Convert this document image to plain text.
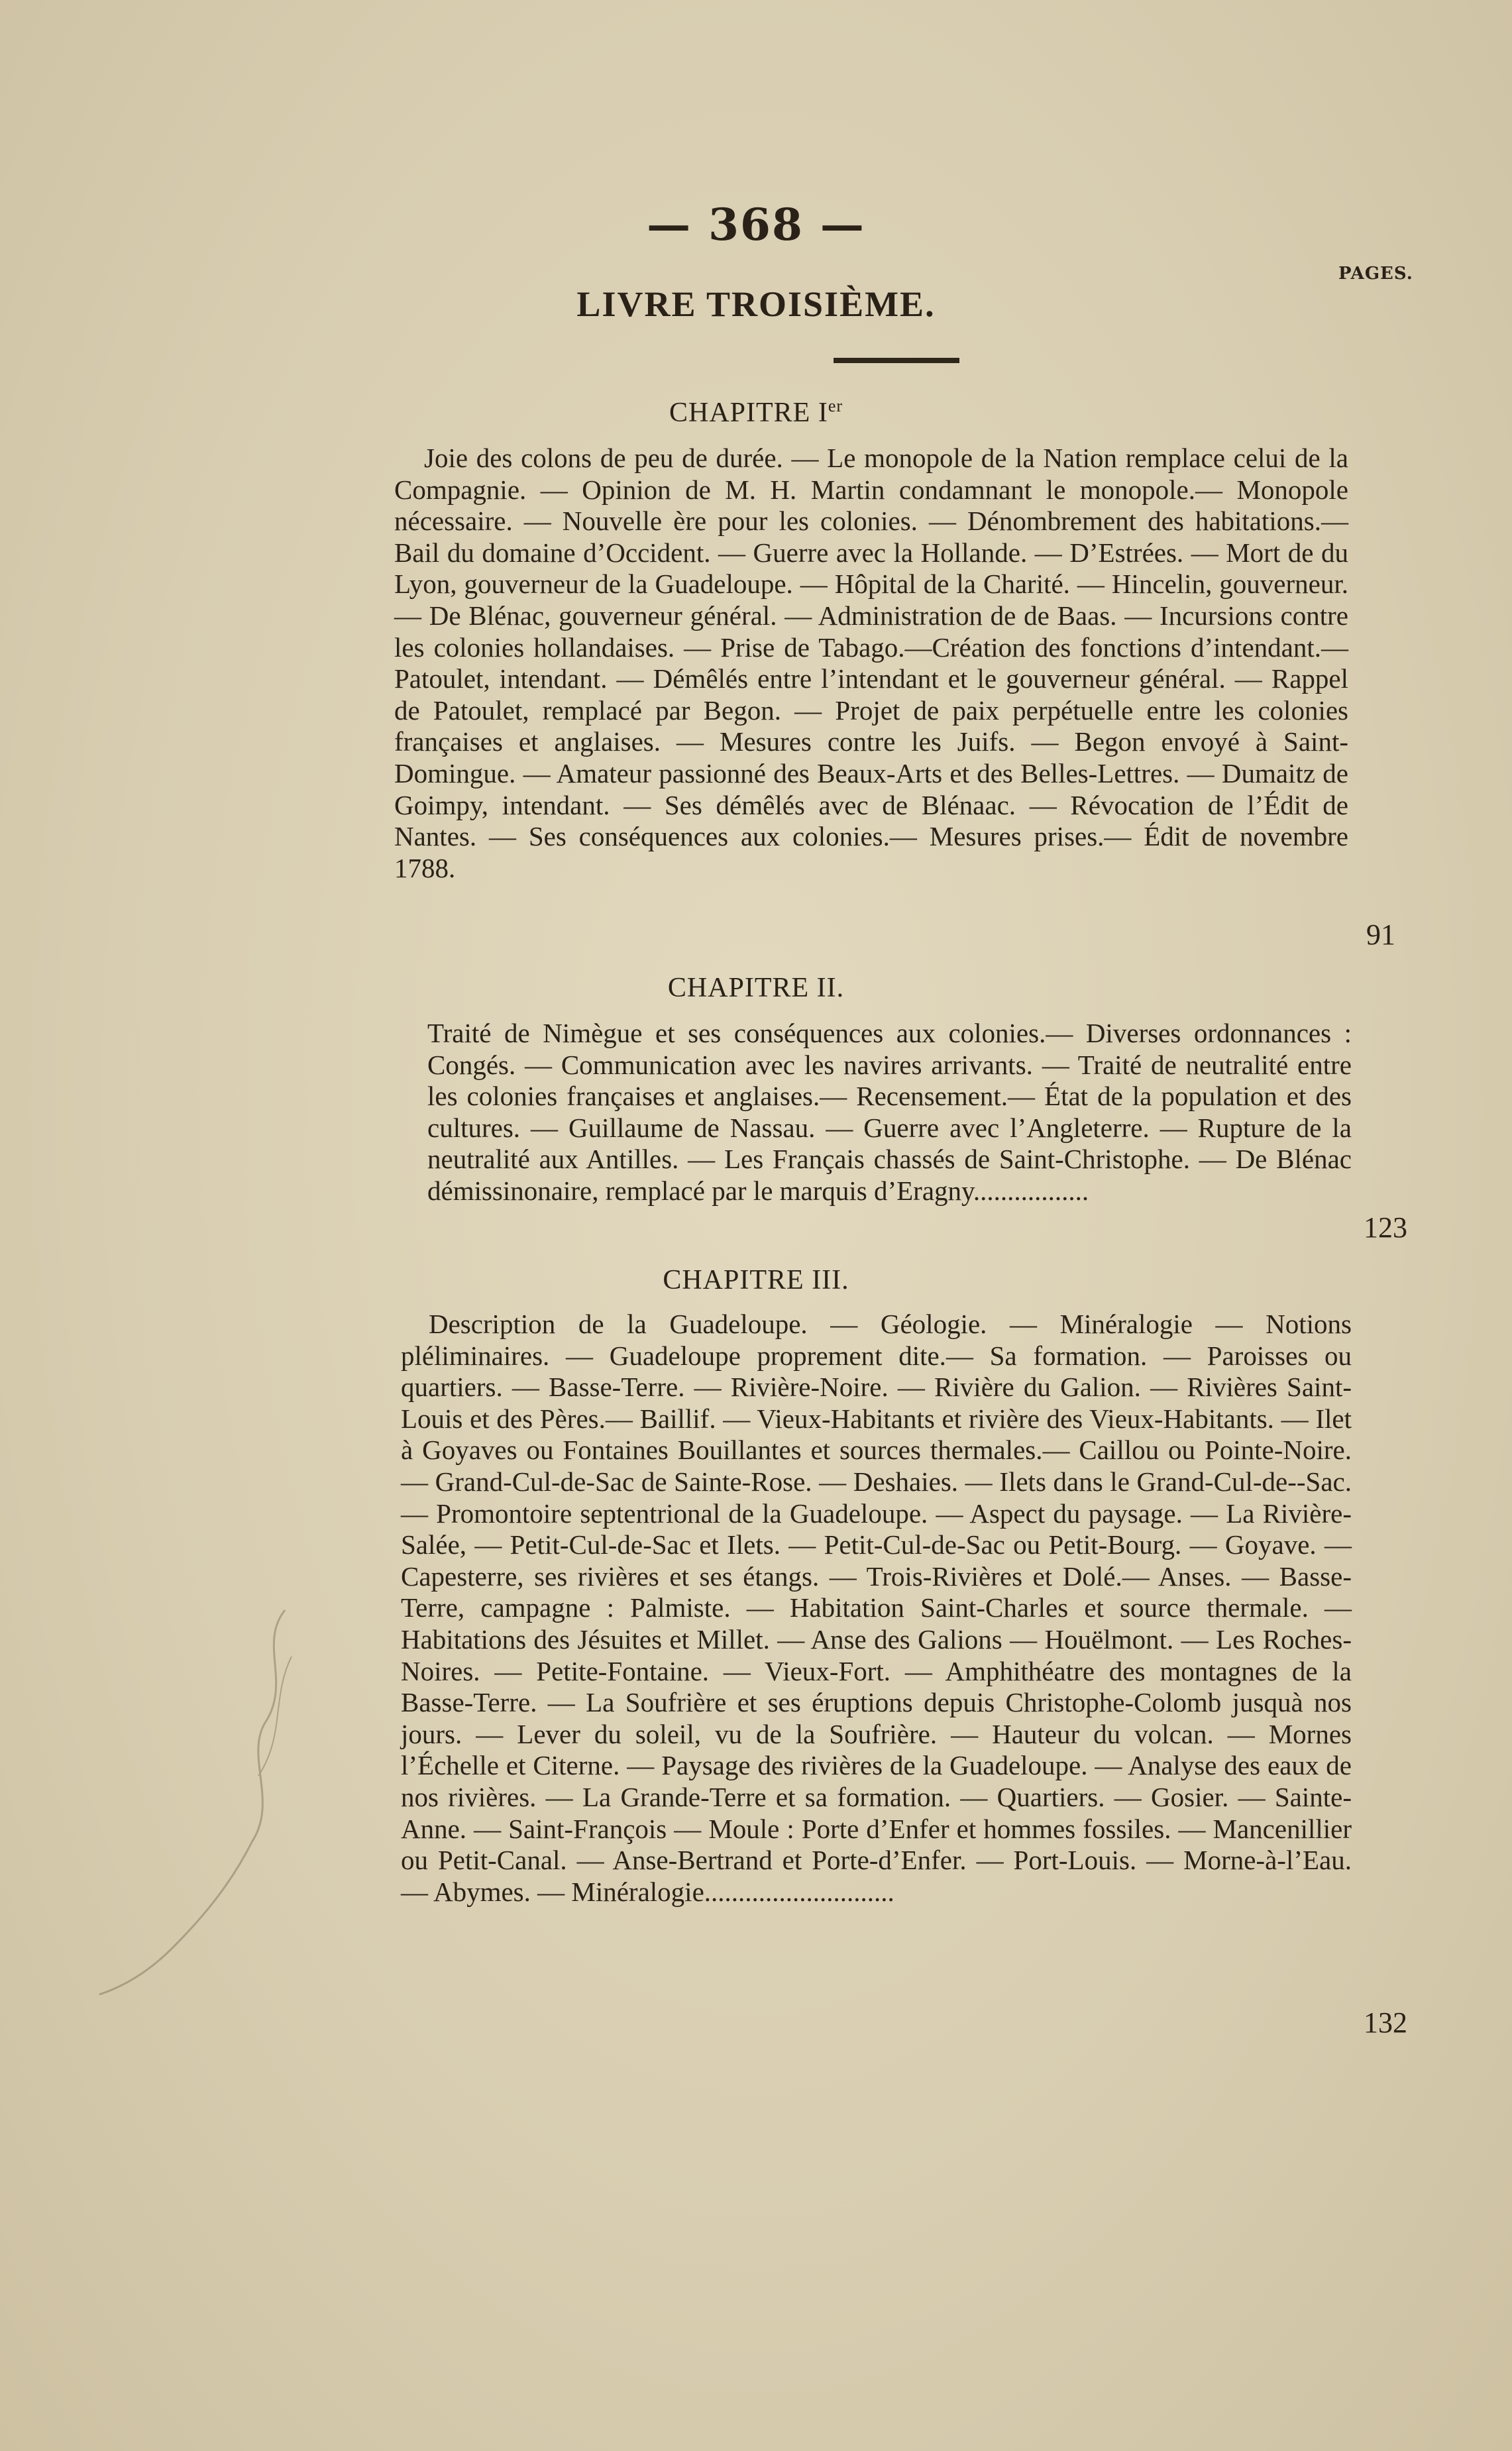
— 368 —
PAGES.
LIVRE TROISIÈME.
CHAPITRE Ier
Joie des colons de peu de durée. — Le monopole de la Nation remplace celui de la Compagnie. — Opinion de M. H. Martin condamnant le monopole.— Monopole nécessaire. — Nouvelle ère pour les colonies. — Dénombrement des habitations.— Bail du domaine d’Occident. — Guerre avec la Hollande. — D’Estrées. — Mort de du Lyon, gouverneur de la Guadeloupe. — Hôpital de la Charité. — Hincelin, gouverneur. — De Blénac, gouverneur général. — Administration de de Baas. — Incursions contre les colonies hollandaises. — Prise de Tabago.—Création des fonctions d’intendant.— Patoulet, intendant. — Démêlés entre l’intendant et le gouverneur général. — Rappel de Patoulet, remplacé par Begon. — Projet de paix perpétuelle entre les colonies françaises et anglaises. — Mesures contre les Juifs. — Begon envoyé à Saint-Domingue. — Amateur passionné des Beaux-Arts et des Belles-Lettres. — Dumaitz de Goimpy, intendant. — Ses démêlés avec de Blénaac. — Révocation de l’Édit de Nantes. — Ses conséquences aux colonies.— Mesures prises.— Édit de novembre 1788.
91
CHAPITRE II.
Traité de Nimègue et ses conséquences aux colonies.— Diverses ordonnances : Congés. — Communication avec les navires arrivants. — Traité de neutralité entre les colonies françaises et anglaises.— Recensement.— État de la population et des cultures. — Guillaume de Nassau. — Guerre avec l’Angleterre. — Rupture de la neutralité aux Antilles. — Les Français chassés de Saint-Christophe. — De Blénac démissinonaire, remplacé par le marquis d’Eragny.................
123
CHAPITRE III.
Description de la Guadeloupe. — Géologie. — Minéralogie — Notions pléliminaires. — Guadeloupe proprement dite.— Sa formation. — Paroisses ou quartiers. — Basse-Terre. — Rivière-Noire. — Rivière du Galion. — Rivières Saint-Louis et des Pères.— Baillif. — Vieux-Habitants et rivière des Vieux-Habitants. — Ilet à Goyaves ou Fontaines Bouillantes et sources thermales.— Caillou ou Pointe-Noire. — Grand-Cul-de-Sac de Sainte-Rose. — Deshaies. — Ilets dans le Grand-Cul-de--Sac. — Promontoire septentrional de la Guadeloupe. — Aspect du paysage. — La Rivière-Salée, — Petit-Cul-de-Sac et Ilets. — Petit-Cul-de-Sac ou Petit-Bourg. — Goyave. — Capesterre, ses rivières et ses étangs. — Trois-Rivières et Dolé.— Anses. — Basse-Terre, campagne : Palmiste. — Habitation Saint-Charles et source thermale. — Habitations des Jésuites et Millet. — Anse des Galions — Houëlmont. — Les Roches-Noires. — Petite-Fontaine. — Vieux-Fort. — Amphithéatre des montagnes de la Basse-Terre. — La Soufrière et ses éruptions depuis Christophe-Colomb jusquà nos jours. — Lever du soleil, vu de la Soufrière. — Hauteur du volcan. — Mornes l’Échelle et Citerne. — Paysage des rivières de la Guadeloupe. — Analyse des eaux de nos rivières. — La Grande-Terre et sa formation. — Quartiers. — Gosier. — Sainte-Anne. — Saint-François — Moule : Porte d’Enfer et hommes fossiles. — Mancenillier ou Petit-Canal. — Anse-Bertrand et Porte-d’Enfer. — Port-Louis. — Morne-à-l’Eau. — Abymes. — Minéralogie............................
132
